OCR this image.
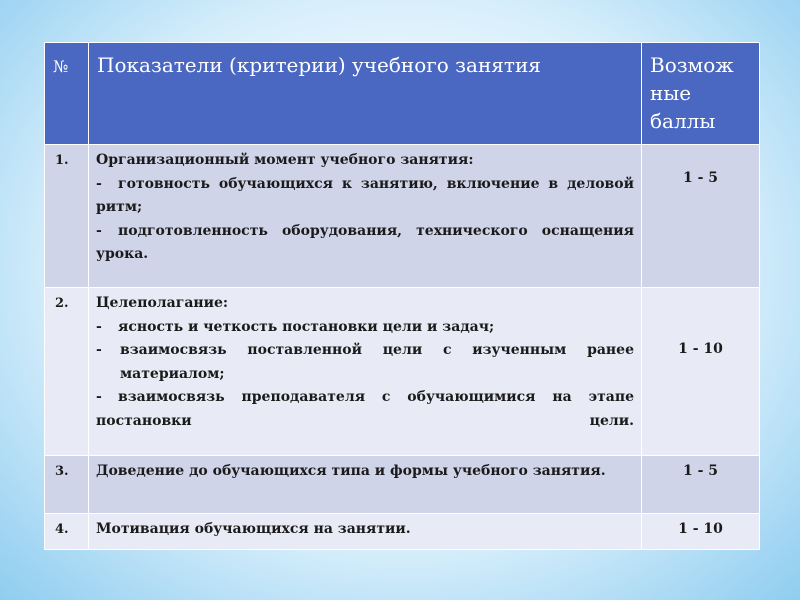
№	Показатели (критерии) учебного занятия	Возмож ные баллы
1.	Организационный момент учебного занятия:
- готовность обучающихся к занятию, включение в деловой ритм;
- подготовленность оборудования, технического оснащения урока.	1 - 5
2.	Целеполагание:
- ясность и четкость постановки цели и задач;
- взаимосвязь поставленной цели с изученным ранее материалом;
- взаимосвязь преподавателя с обучающимися на этапе постановки цели.	1 - 10
3.	Доведение до обучающихся типа и формы учебного занятия.	1 - 5
4.	Мотивация обучающихся на занятии.	1 - 10
